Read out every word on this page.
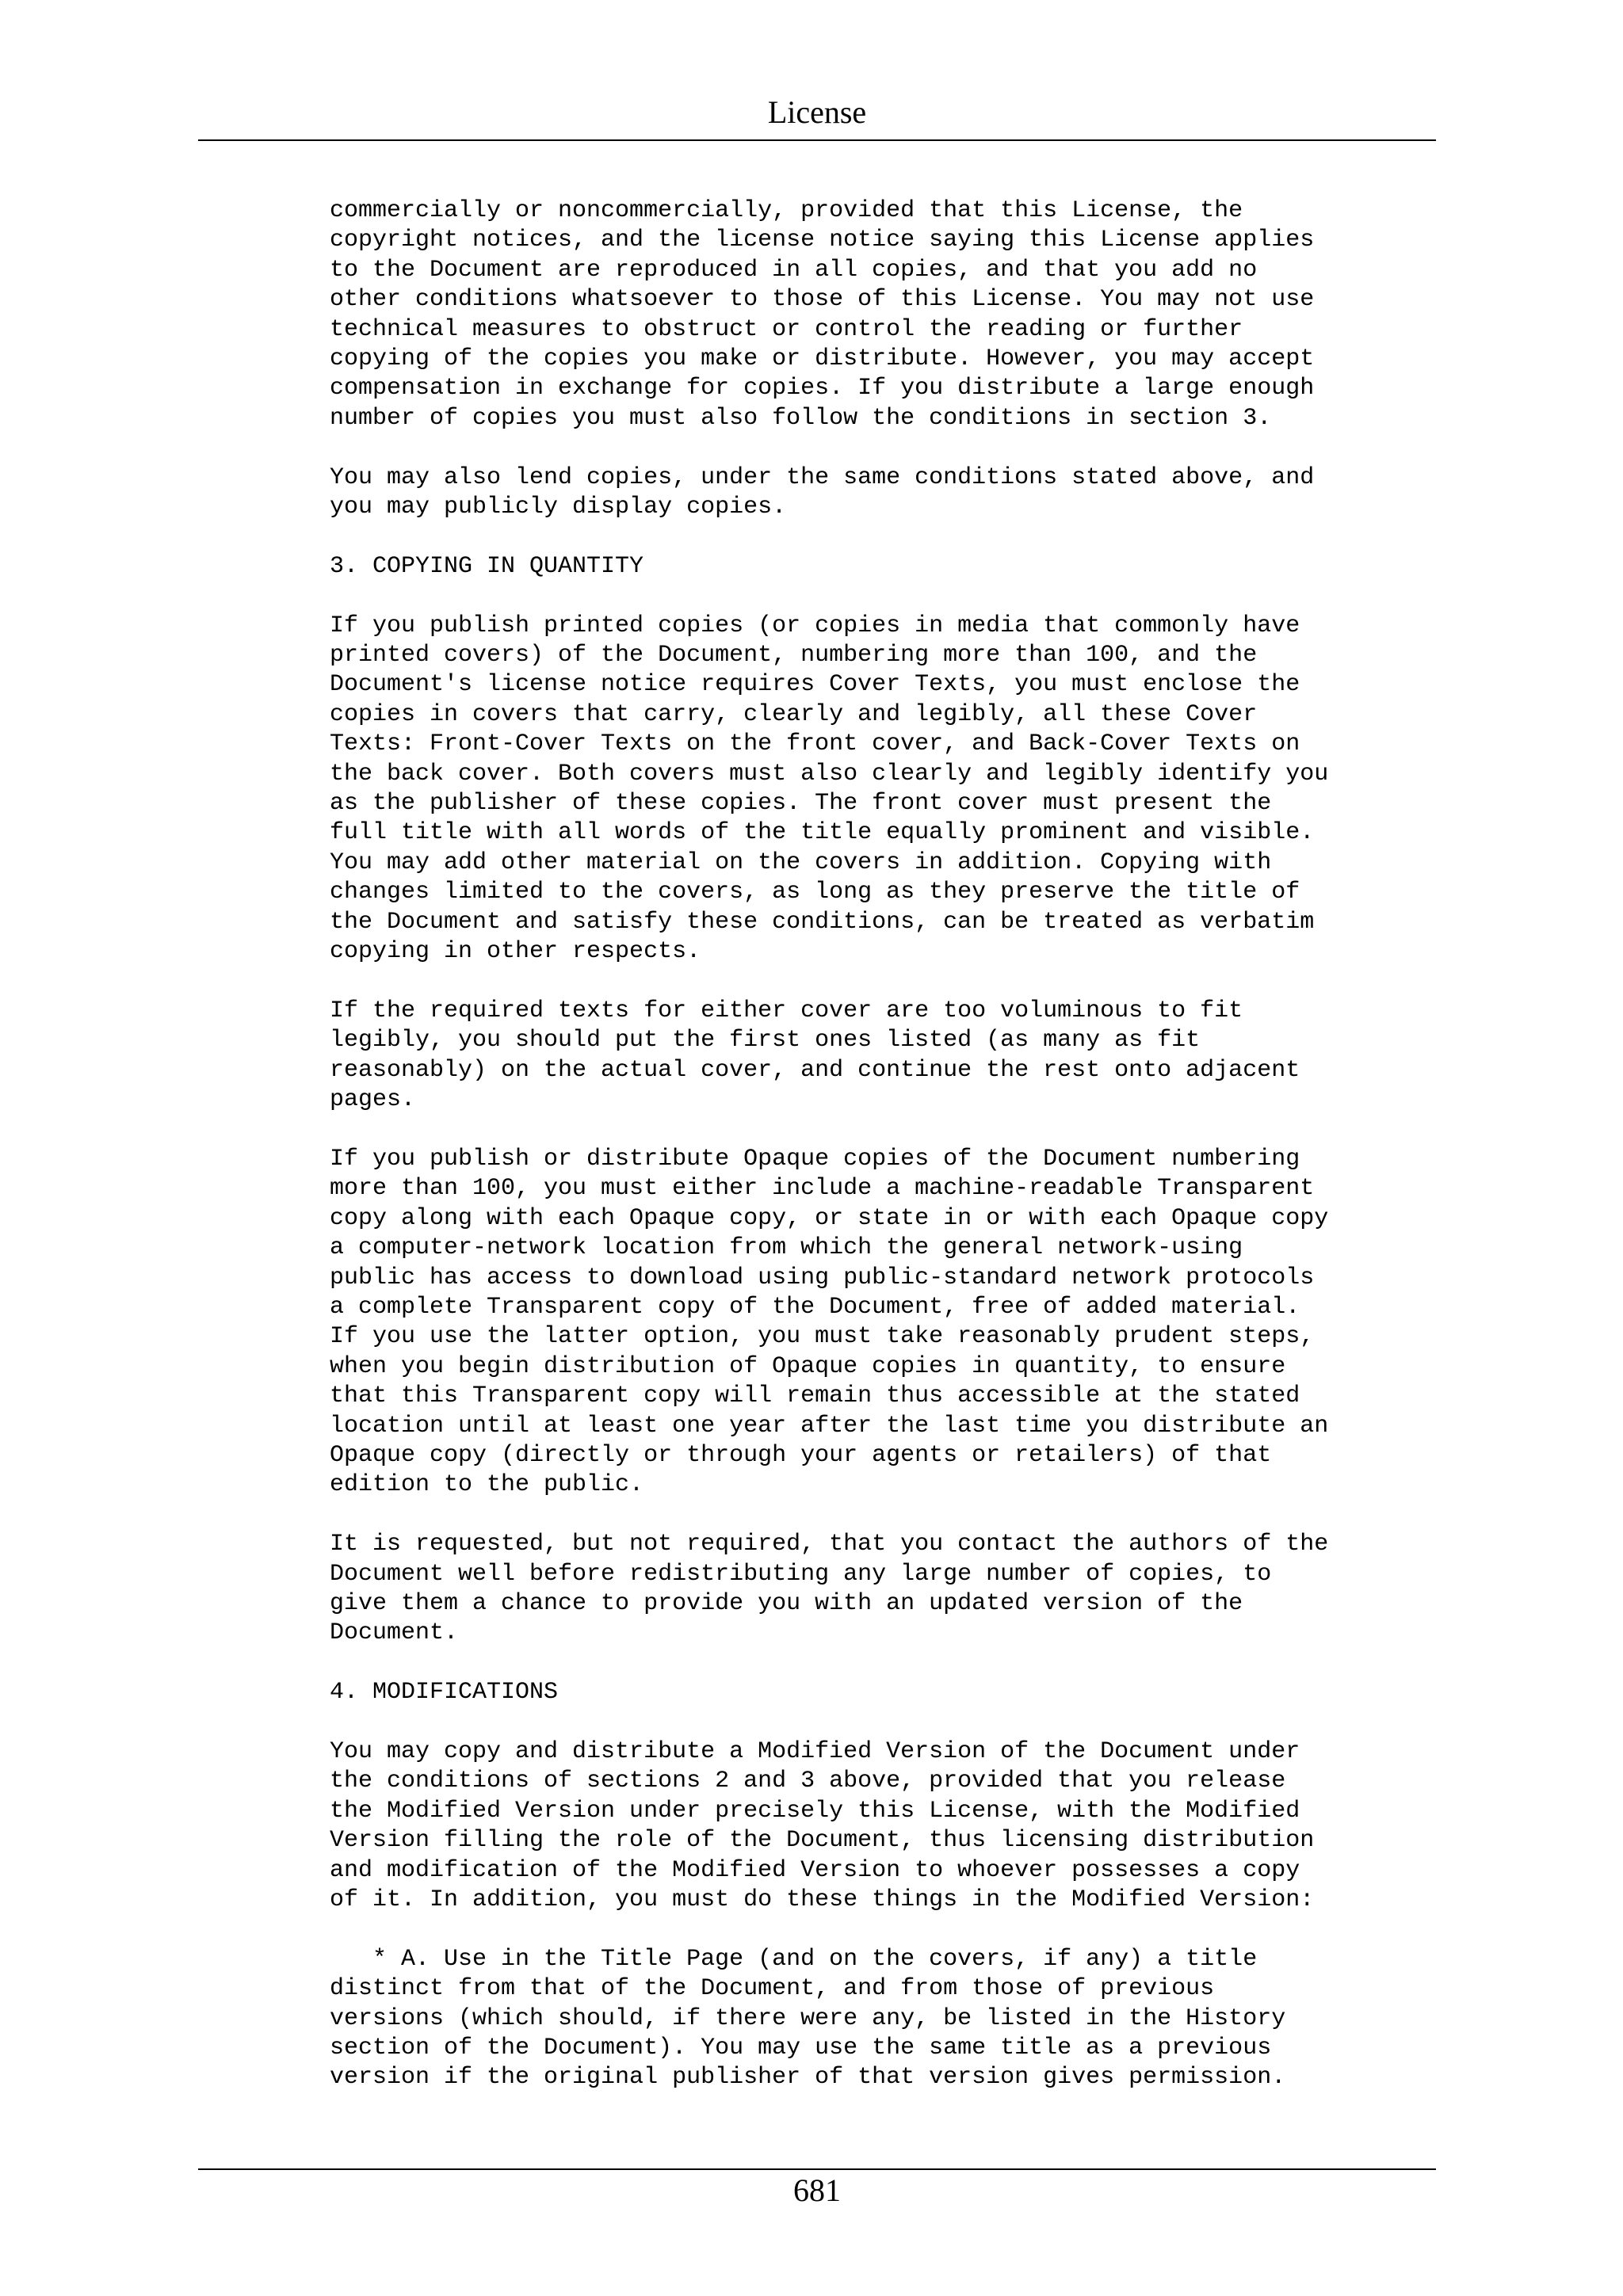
License
commercially or noncommercially, provided that this License, the
copyright notices, and the license notice saying this License applies
to the Document are reproduced in all copies, and that you add no
other conditions whatsoever to those of this License. You may not use
technical measures to obstruct or control the reading or further
copying of the copies you make or distribute. However, you may accept
compensation in exchange for copies. If you distribute a large enough
number of copies you must also follow the conditions in section 3.
You may also lend copies, under the same conditions stated above, and
you may publicly display copies.
3. COPYING IN QUANTITY
If you publish printed copies (or copies in media that commonly have
printed covers) of the Document, numbering more than 100, and the
Document's license notice requires Cover Texts, you must enclose the
copies in covers that carry, clearly and legibly, all these Cover
Texts: Front-Cover Texts on the front cover, and Back-Cover Texts on
the back cover. Both covers must also clearly and legibly identify you
as the publisher of these copies. The front cover must present the
full title with all words of the title equally prominent and visible.
You may add other material on the covers in addition. Copying with
changes limited to the covers, as long as they preserve the title of
the Document and satisfy these conditions, can be treated as verbatim
copying in other respects.
If the required texts for either cover are too voluminous to fit
legibly, you should put the first ones listed (as many as fit
reasonably) on the actual cover, and continue the rest onto adjacent
pages.
If you publish or distribute Opaque copies of the Document numbering
more than 100, you must either include a machine-readable Transparent
copy along with each Opaque copy, or state in or with each Opaque copy
a computer-network location from which the general network-using
public has access to download using public-standard network protocols
a complete Transparent copy of the Document, free of added material.
If you use the latter option, you must take reasonably prudent steps,
when you begin distribution of Opaque copies in quantity, to ensure
that this Transparent copy will remain thus accessible at the stated
location until at least one year after the last time you distribute an
Opaque copy (directly or through your agents or retailers) of that
edition to the public.
It is requested, but not required, that you contact the authors of the
Document well before redistributing any large number of copies, to
give them a chance to provide you with an updated version of the
Document.
4. MODIFICATIONS
You may copy and distribute a Modified Version of the Document under
the conditions of sections 2 and 3 above, provided that you release
the Modified Version under precisely this License, with the Modified
Version filling the role of the Document, thus licensing distribution
and modification of the Modified Version to whoever possesses a copy
of it. In addition, you must do these things in the Modified Version:
* A. Use in the Title Page (and on the covers, if any) a title
distinct from that of the Document, and from those of previous
versions (which should, if there were any, be listed in the History
section of the Document). You may use the same title as a previous
version if the original publisher of that version gives permission.
681
